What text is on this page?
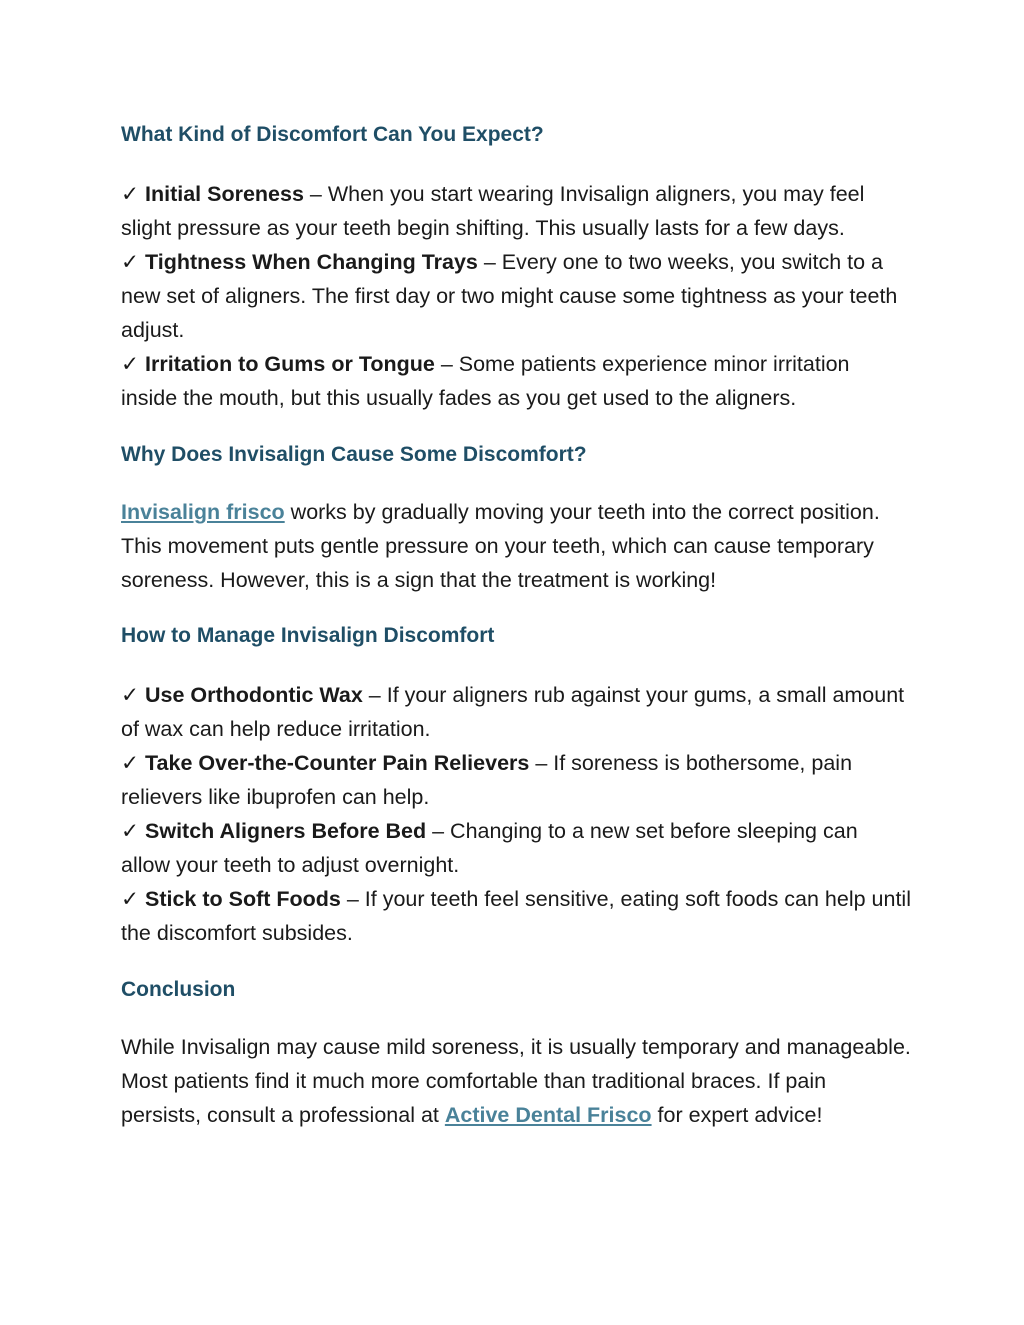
What Kind of Discomfort Can You Expect?

✓ Initial Soreness – When you start wearing Invisalign aligners, you may feel slight pressure as your teeth begin shifting. This usually lasts for a few days.

✓ Tightness When Changing Trays – Every one to two weeks, you switch to a new set of aligners. The first day or two might cause some tightness as your teeth adjust.

✓ Irritation to Gums or Tongue – Some patients experience minor irritation inside the mouth, but this usually fades as you get used to the aligners.

Why Does Invisalign Cause Some Discomfort?

Invisalign frisco works by gradually moving your teeth into the correct position. This movement puts gentle pressure on your teeth, which can cause temporary soreness. However, this is a sign that the treatment is working!

How to Manage Invisalign Discomfort

✓ Use Orthodontic Wax – If your aligners rub against your gums, a small amount of wax can help reduce irritation.

✓ Take Over-the-Counter Pain Relievers – If soreness is bothersome, pain relievers like ibuprofen can help.

✓ Switch Aligners Before Bed – Changing to a new set before sleeping can allow your teeth to adjust overnight.

✓ Stick to Soft Foods – If your teeth feel sensitive, eating soft foods can help until the discomfort subsides.

Conclusion

While Invisalign may cause mild soreness, it is usually temporary and manageable. Most patients find it much more comfortable than traditional braces. If pain persists, consult a professional at Active Dental Frisco for expert advice!
